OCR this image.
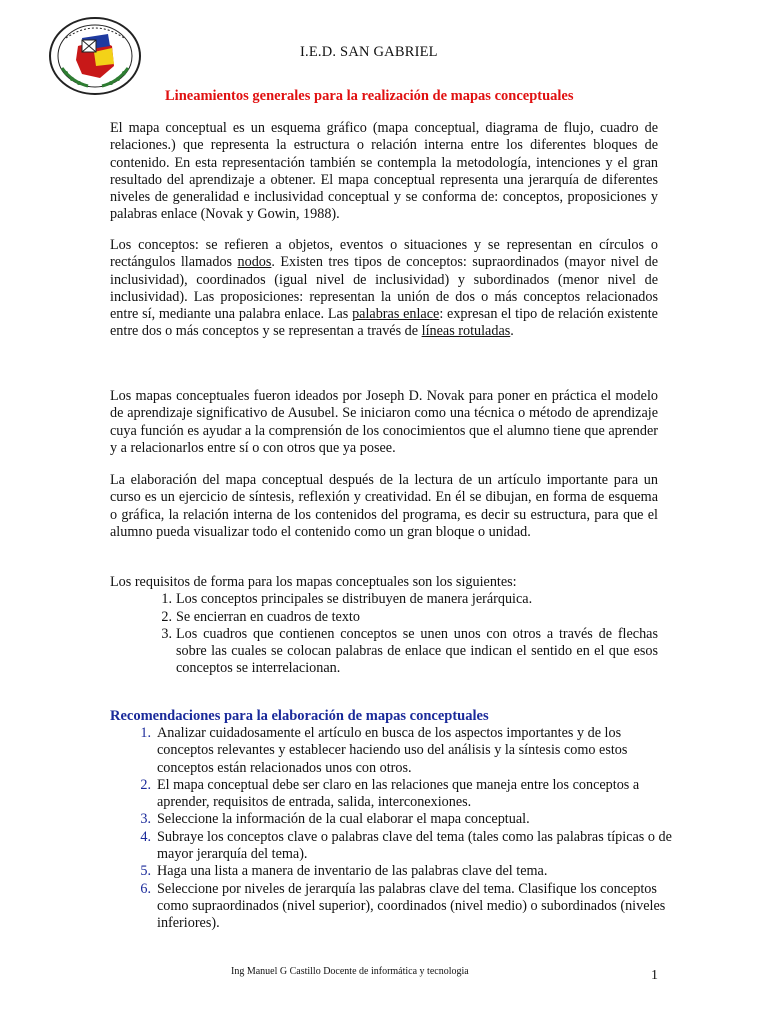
I.E.D. SAN GABRIEL
Lineamientos generales para la realización de mapas conceptuales
El mapa conceptual es un esquema gráfico (mapa conceptual, diagrama de flujo, cuadro de relaciones.) que representa la estructura o relación interna entre los diferentes bloques de contenido. En esta representación también se contempla la metodología, intenciones y el gran resultado del aprendizaje a obtener. El mapa conceptual representa una jerarquía de diferentes niveles de generalidad e inclusividad conceptual y se conforma de: conceptos, proposiciones y palabras enlace (Novak y Gowin, 1988).
Los conceptos: se refieren a objetos, eventos o situaciones y se representan en círculos o rectángulos llamados nodos. Existen tres tipos de conceptos: supraordinados (mayor nivel de inclusividad), coordinados (igual nivel de inclusividad) y subordinados (menor nivel de inclusividad). Las proposiciones: representan la unión de dos o más conceptos relacionados entre sí, mediante una palabra enlace. Las palabras enlace: expresan el tipo de relación existente entre dos o más conceptos y se representan a través de líneas rotuladas.
Los mapas conceptuales fueron ideados por Joseph D. Novak para poner en práctica el modelo de aprendizaje significativo de Ausubel. Se iniciaron como una técnica o método de aprendizaje cuya función es ayudar a la comprensión de los conocimientos que el alumno tiene que aprender y a relacionarlos entre sí o con otros que ya posee.
La elaboración del mapa conceptual después de la lectura de un artículo importante para un curso es un ejercicio de síntesis, reflexión y creatividad. En él se dibujan, en forma de esquema o gráfica, la relación interna de los contenidos del programa, es decir su estructura, para que el alumno pueda visualizar todo el contenido como un gran bloque o unidad.
Los requisitos de forma para los mapas conceptuales son los siguientes:
1. Los conceptos principales se distribuyen de manera jerárquica.
2. Se encierran en cuadros de texto
3. Los cuadros que contienen conceptos se unen unos con otros a través de flechas sobre las cuales se colocan palabras de enlace que indican el sentido en el que esos conceptos se interrelacionan.
Recomendaciones para la elaboración de mapas conceptuales
1. Analizar cuidadosamente el artículo en busca de los aspectos importantes y de los conceptos relevantes y establecer haciendo uso del análisis y la síntesis como estos conceptos están relacionados unos con otros.
2. El mapa conceptual debe ser claro en las relaciones que maneja entre los conceptos a aprender, requisitos de entrada, salida, interconexiones.
3. Seleccione la información de la cual elaborar el mapa conceptual.
4. Subraye los conceptos clave o palabras clave del tema (tales como las palabras típicas o de mayor jerarquía del tema).
5. Haga una lista a manera de inventario de las palabras clave del tema.
6. Seleccione por niveles de jerarquía las palabras clave del tema. Clasifique los conceptos como supraordinados (nivel superior), coordinados (nivel medio) o subordinados (niveles inferiores).
Ing Manuel G Castillo Docente de informática y tecnologia	1
